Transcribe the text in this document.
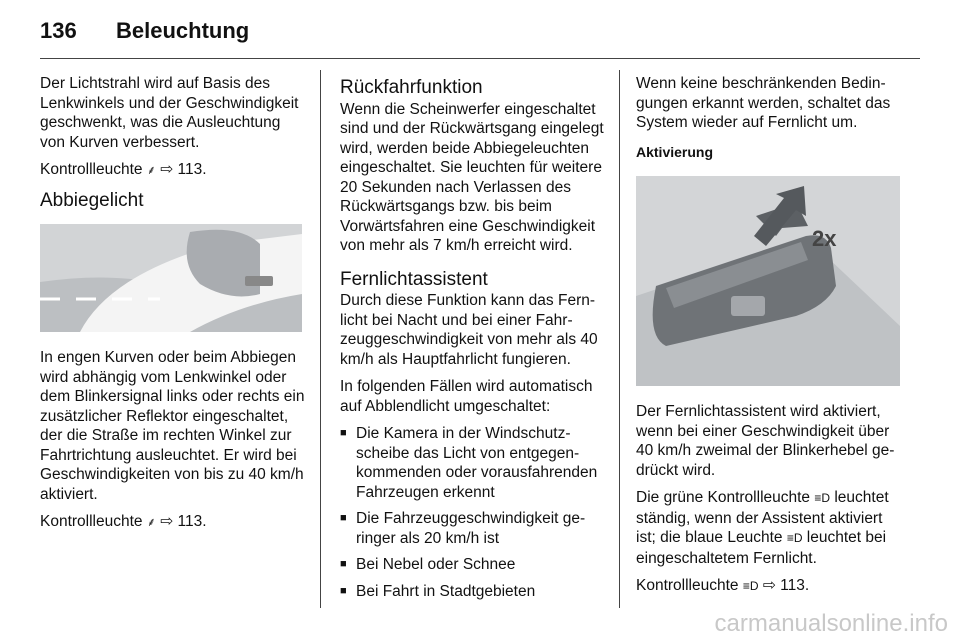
136 Beleuchtung

Der Lichtstrahl wird auf Basis des Lenkwinkels und der Geschwindigkeit geschwenkt, was die Ausleuchtung von Kurven verbessert.

Kontrollleuchte ⸙ ⇨ 113.

Abbiegelicht

In engen Kurven oder beim Abbiegen wird abhängig vom Lenkwinkel oder dem Blinkersignal links oder rechts ein zusätzlicher Reflektor eingeschaltet, der die Straße im rechten Winkel zur Fahrtrichtung ausleuchtet. Er wird bei Geschwindigkeiten von bis zu 40 km/h aktiviert.

Kontrollleuchte ⸙ ⇨ 113.

Rückfahrfunktion

Wenn die Scheinwerfer eingeschaltet sind und der Rückwärtsgang eingelegt wird, werden beide Abbiegeleuchten eingeschaltet. Sie leuchten für weitere 20 Sekunden nach Verlassen des Rückwärtsgangs bzw. bis beim Vorwärtsfahren eine Geschwindigkeit von mehr als 7 km/h erreicht wird.

Fernlichtassistent

Durch diese Funktion kann das Fernlicht bei Nacht und bei einer Fahrzeuggeschwindigkeit von mehr als 40 km/h als Hauptfahrlicht fungieren.

In folgenden Fällen wird automatisch auf Abblendlicht umgeschaltet:

■ Die Kamera in der Windschutzscheibe das Licht von entgegenkommenden oder vorausfahrenden Fahrzeugen erkennt
■ Die Fahrzeuggeschwindigkeit geringer als 20 km/h ist
■ Bei Nebel oder Schnee
■ Bei Fahrt in Stadtgebieten

Wenn keine beschränkenden Bedingungen erkannt werden, schaltet das System wieder auf Fernlicht um.

Aktivierung
2x

Der Fernlichtassistent wird aktiviert, wenn bei einer Geschwindigkeit über 40 km/h zweimal der Blinkerhebel gedrückt wird.

Die grüne Kontrollleuchte ≡D leuchtet ständig, wenn der Assistent aktiviert ist; die blaue Leuchte ≡D leuchtet bei eingeschaltetem Fernlicht.

Kontrollleuchte ≡D ⇨ 113.

carmanualsonline.info
